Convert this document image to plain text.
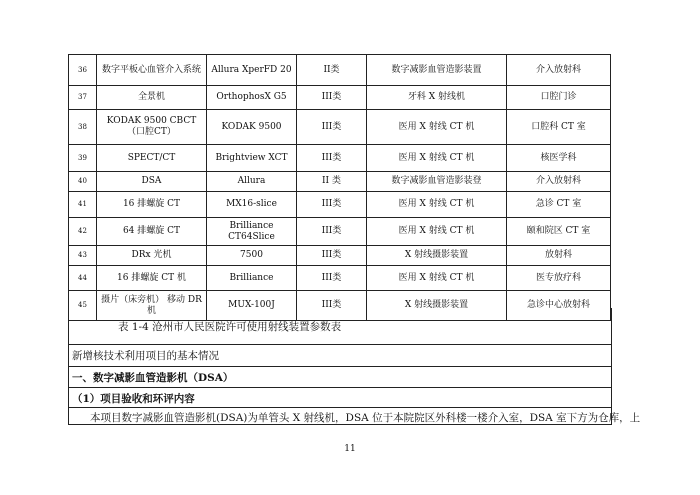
36	数字平板心血管介入系统	Allura XperFD 20	II类	数字减影血管造影装置	介入放射科
37	全景机	OrthophosX G5	III类	牙科 X 射线机	口腔门诊
38	KODAK 9500 CBCT （口腔CT）	KODAK 9500	III类	医用 X 射线 CT 机	口腔科 CT 室
39	SPECT/CT	Brightview XCT	III类	医用 X 射线 CT 机	核医学科
40	DSA	Allura	II 类	数字减影血管造影装登	介入放射科
41	16 排螺旋 CT	MX16-slice	III类	医用 X 射线 CT 机	急诊 CT 室
42	64 排螺旋 CT	Brilliance CT64Slice	III类	医用 X 射线 CT 机	颐和院区 CT 室
43	DRx 光机	7500	III类	X 射线摄影装置	放射科
44	16 排螺旋 CT 机	Brilliance	III类	医用 X 射线 CT 机	医专放疗科
45	摄片（床旁机） 移动 DR 机	MUX-100J	III类	X 射线摄影装置	急诊中心放射科
表 1-4 沧州市人民医院许可使用射线装置参数表
新增核技术利用项目的基本情况
一、数字减影血管造影机（DSA）
（1）项目验收和环评内容
本项目数字减影血管造影机(DSA)为单管头 X 射线机，DSA 位于本院院区外科楼一楼介入室，DSA 室下方为仓库，上
11
